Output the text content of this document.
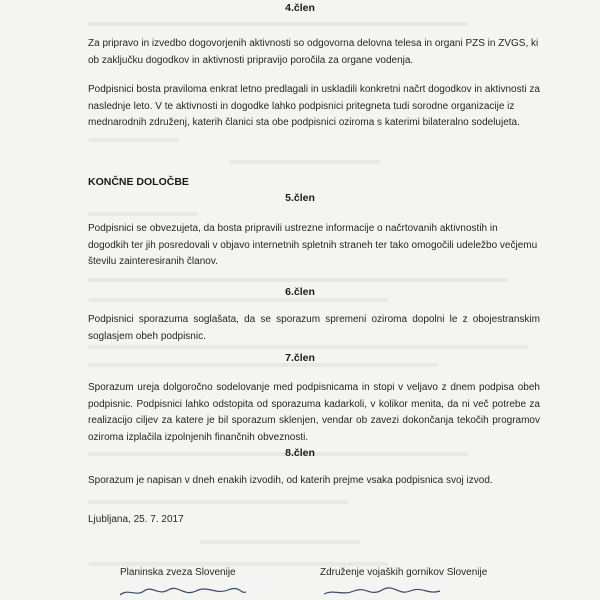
4.člen
Za pripravo in izvedbo dogovorjenih aktivnosti so odgovorna delovna telesa in organi PZS in ZVGS, ki ob zaključku dogodkov in aktivnosti pripravijo poročila za organe vodenja.
Podpisnici bosta praviloma enkrat letno predlagali in uskladili konkretni načrt dogodkov in aktivnosti za naslednje leto. V te aktivnosti in dogodke lahko podpisnici pritegneta tudi sorodne organizacije iz mednarodnih združenj, katerih članici sta obe podpisnici oziroma s katerimi bilateralno sodelujeta.
KONČNE DOLOČBE
5.člen
Podpisnici se obvezujeta, da bosta pripravili ustrezne informacije o načrtovanih aktivnostih in dogodkih ter jih posredovali v objavo internetnih spletnih straneh ter tako omogočili udeležbo večjemu številu zainteresiranih članov.
6.člen
Podpisnici sporazuma soglašata, da se sporazum spremeni oziroma dopolni le z obojestranskim soglasjem obeh podpisnic.
7.člen
Sporazum ureja dolgoročno sodelovanje med podpisnicama in stopi v veljavo z dnem podpisa obeh podpisnic. Podpisnici lahko odstopita od sporazuma kadarkoli, v kolikor menita, da ni več potrebe za realizacijo ciljev za katere je bil sporazum sklenjen, vendar ob zavezi dokončanja tekočih programov oziroma izplačila izpolnjenih finančnih obveznosti.
8.člen
Sporazum je napisan v dneh enakih izvodih, od katerih prejme vsaka podpisnica svoj izvod.
Ljubljana, 25. 7. 2017
Planinska zveza Slovenije	Združenje vojaških gornikov Slovenije
